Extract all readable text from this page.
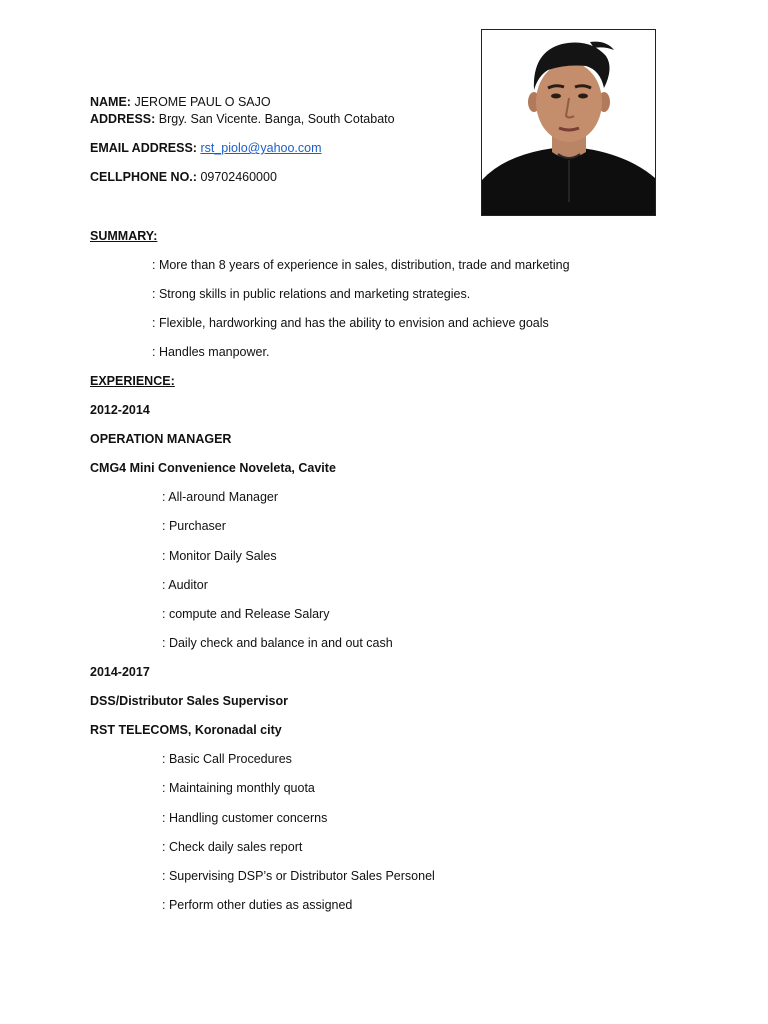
NAME: JEROME PAUL O SAJO
ADDRESS: Brgy. San Vicente. Banga, South Cotabato
EMAIL ADDRESS: rst_piolo@yahoo.com
CELLPHONE NO.: 09702460000
SUMMARY:
: More than 8 years of experience in sales, distribution, trade and marketing
: Strong skills in public relations and marketing strategies.
: Flexible, hardworking and has the ability to envision and achieve goals
: Handles manpower.
EXPERIENCE:
2012-2014
OPERATION MANAGER
CMG4 Mini Convenience Noveleta, Cavite
: All-around Manager
: Purchaser
: Monitor Daily Sales
: Auditor
: compute and Release Salary
: Daily check and balance in and out cash
2014-2017
DSS/Distributor Sales Supervisor
RST TELECOMS, Koronadal city
: Basic Call Procedures
: Maintaining monthly quota
: Handling customer concerns
: Check daily sales report
: Supervising DSP’s or Distributor Sales Personel
: Perform other duties as assigned
